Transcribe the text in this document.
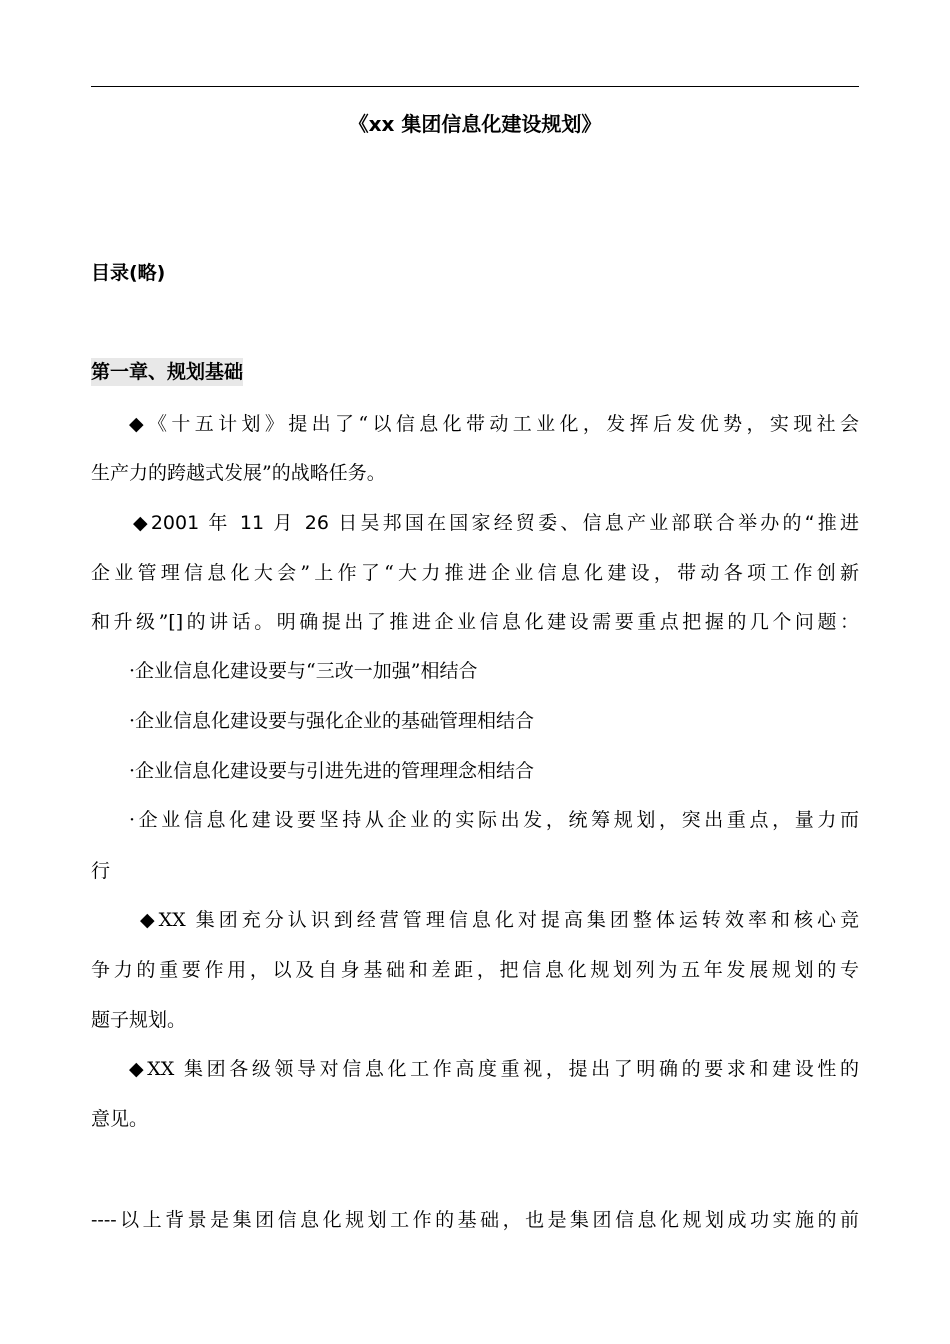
《xx 集团信息化建设规划》
目录(略)
第一章、规划基础
◆《十五计划》提出了“以信息化带动工业化，发挥后发优势，实现社会
生产力的跨越式发展”的战略任务。
◆2001 年 11 月 26 日吴邦国在国家经贸委、信息产业部联合举办的“推进
企业管理信息化大会”上作了“大力推进企业信息化建设，带动各项工作创新
和升级”[]的讲话。明确提出了推进企业信息化建设需要重点把握的几个问题：
·企业信息化建设要与“三改一加强”相结合
·企业信息化建设要与强化企业的基础管理相结合
·企业信息化建设要与引进先进的管理理念相结合
·企业信息化建设要坚持从企业的实际出发，统筹规划，突出重点，量力而
行
◆XX 集团充分认识到经营管理信息化对提高集团整体运转效率和核心竞
争力的重要作用，以及自身基础和差距，把信息化规划列为五年发展规划的专
题子规划。
◆XX 集团各级领导对信息化工作高度重视，提出了明确的要求和建设性的
意见。
----以上背景是集团信息化规划工作的基础，也是集团信息化规划成功实施的前
